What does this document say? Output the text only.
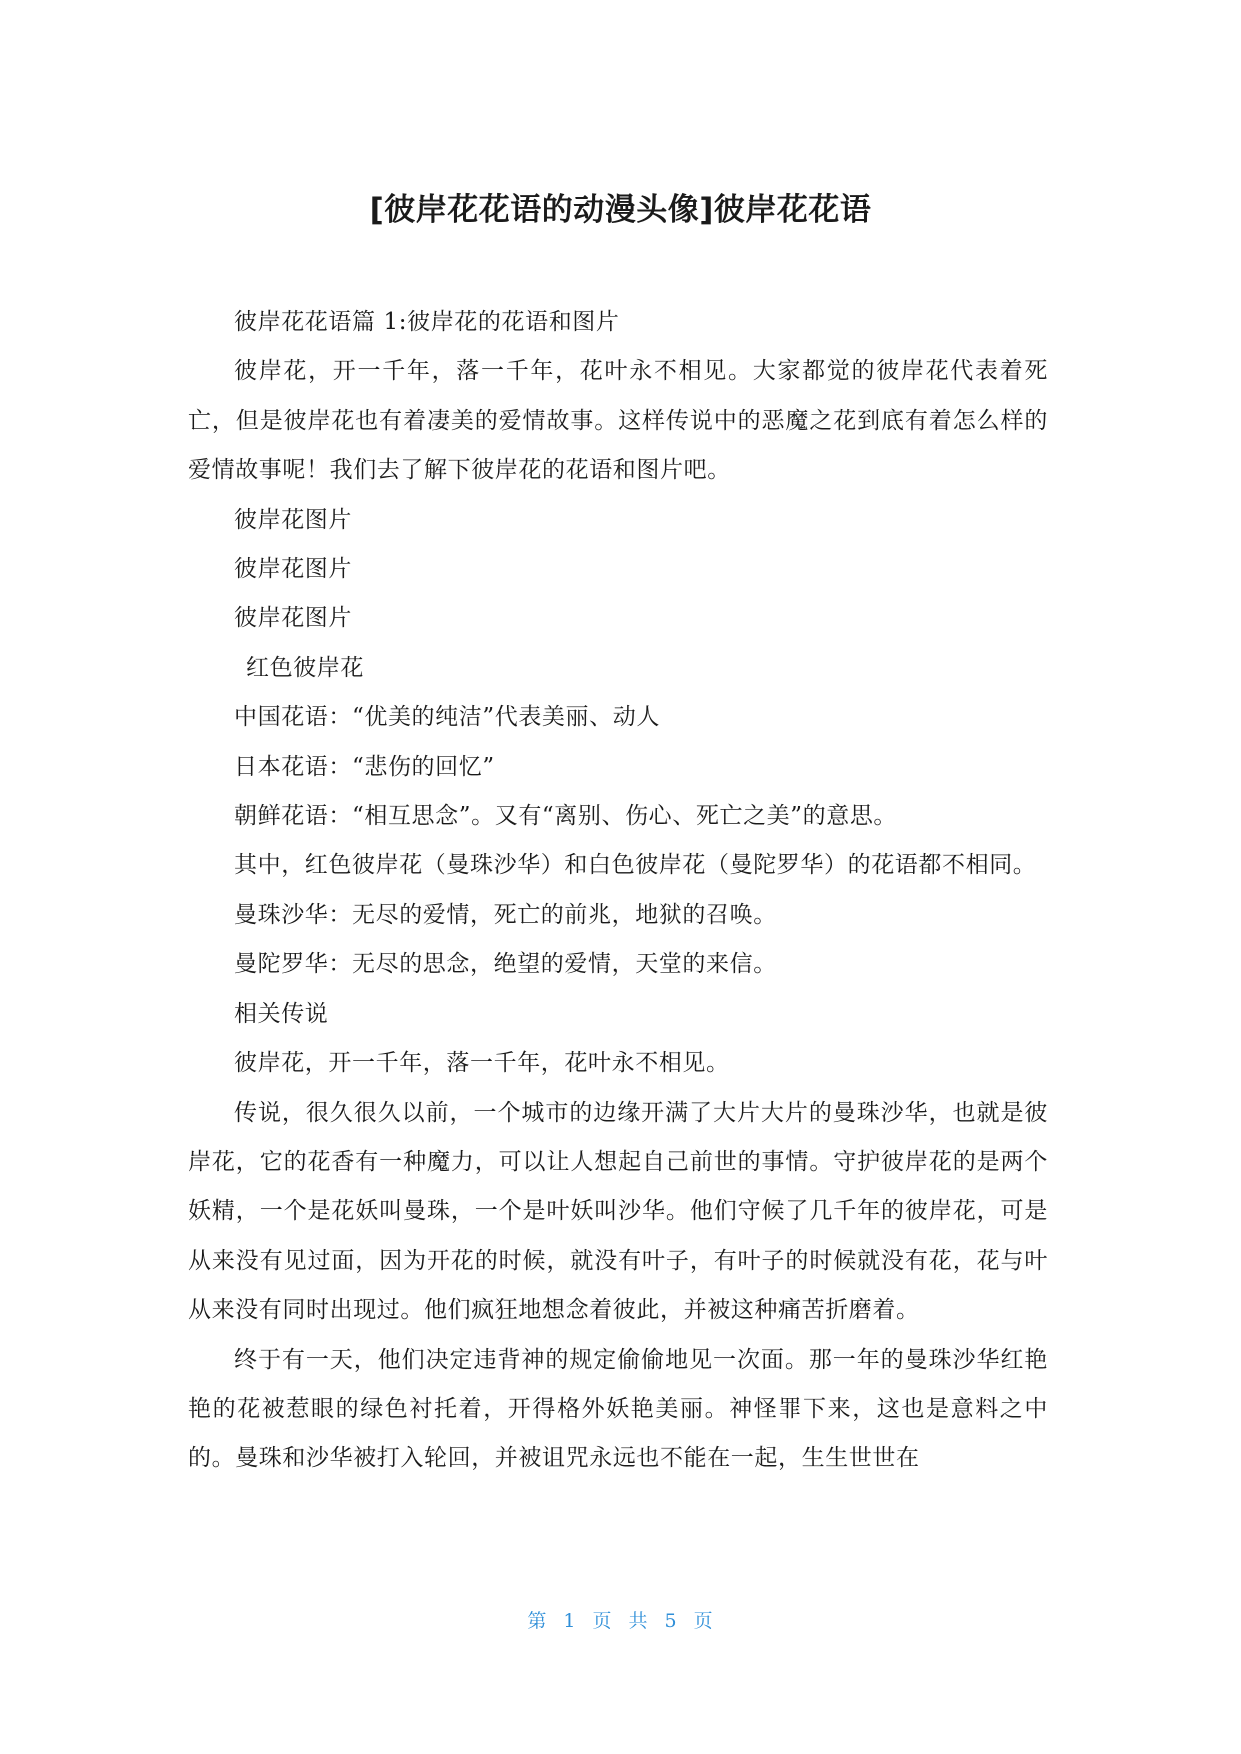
[彼岸花花语的动漫头像]彼岸花花语

彼岸花花语篇 1:彼岸花的花语和图片

彼岸花，开一千年，落一千年，花叶永不相见。大家都觉的彼岸花代表着死亡，但是彼岸花也有着凄美的爱情故事。这样传说中的恶魔之花到底有着怎么样的爱情故事呢！我们去了解下彼岸花的花语和图片吧。

彼岸花图片

彼岸花图片

彼岸花图片

红色彼岸花

中国花语：“优美的纯洁”代表美丽、动人

日本花语：“悲伤的回忆”

朝鲜花语：“相互思念”。又有“离别、伤心、死亡之美”的意思。

其中，红色彼岸花（曼珠沙华）和白色彼岸花（曼陀罗华）的花语都不相同。

曼珠沙华：无尽的爱情，死亡的前兆，地狱的召唤。

曼陀罗华：无尽的思念，绝望的爱情，天堂的来信。

相关传说

彼岸花，开一千年，落一千年，花叶永不相见。

传说，很久很久以前，一个城市的边缘开满了大片大片的曼珠沙华，也就是彼岸花，它的花香有一种魔力，可以让人想起自己前世的事情。守护彼岸花的是两个妖精，一个是花妖叫曼珠，一个是叶妖叫沙华。他们守候了几千年的彼岸花，可是从来没有见过面，因为开花的时候，就没有叶子，有叶子的时候就没有花，花与叶从来没有同时出现过。他们疯狂地想念着彼此，并被这种痛苦折磨着。

终于有一天，他们决定违背神的规定偷偷地见一次面。那一年的曼珠沙华红艳艳的花被惹眼的绿色衬托着，开得格外妖艳美丽。神怪罪下来，这也是意料之中的。曼珠和沙华被打入轮回，并被诅咒永远也不能在一起，生生世世在

第 1 页 共 5 页
